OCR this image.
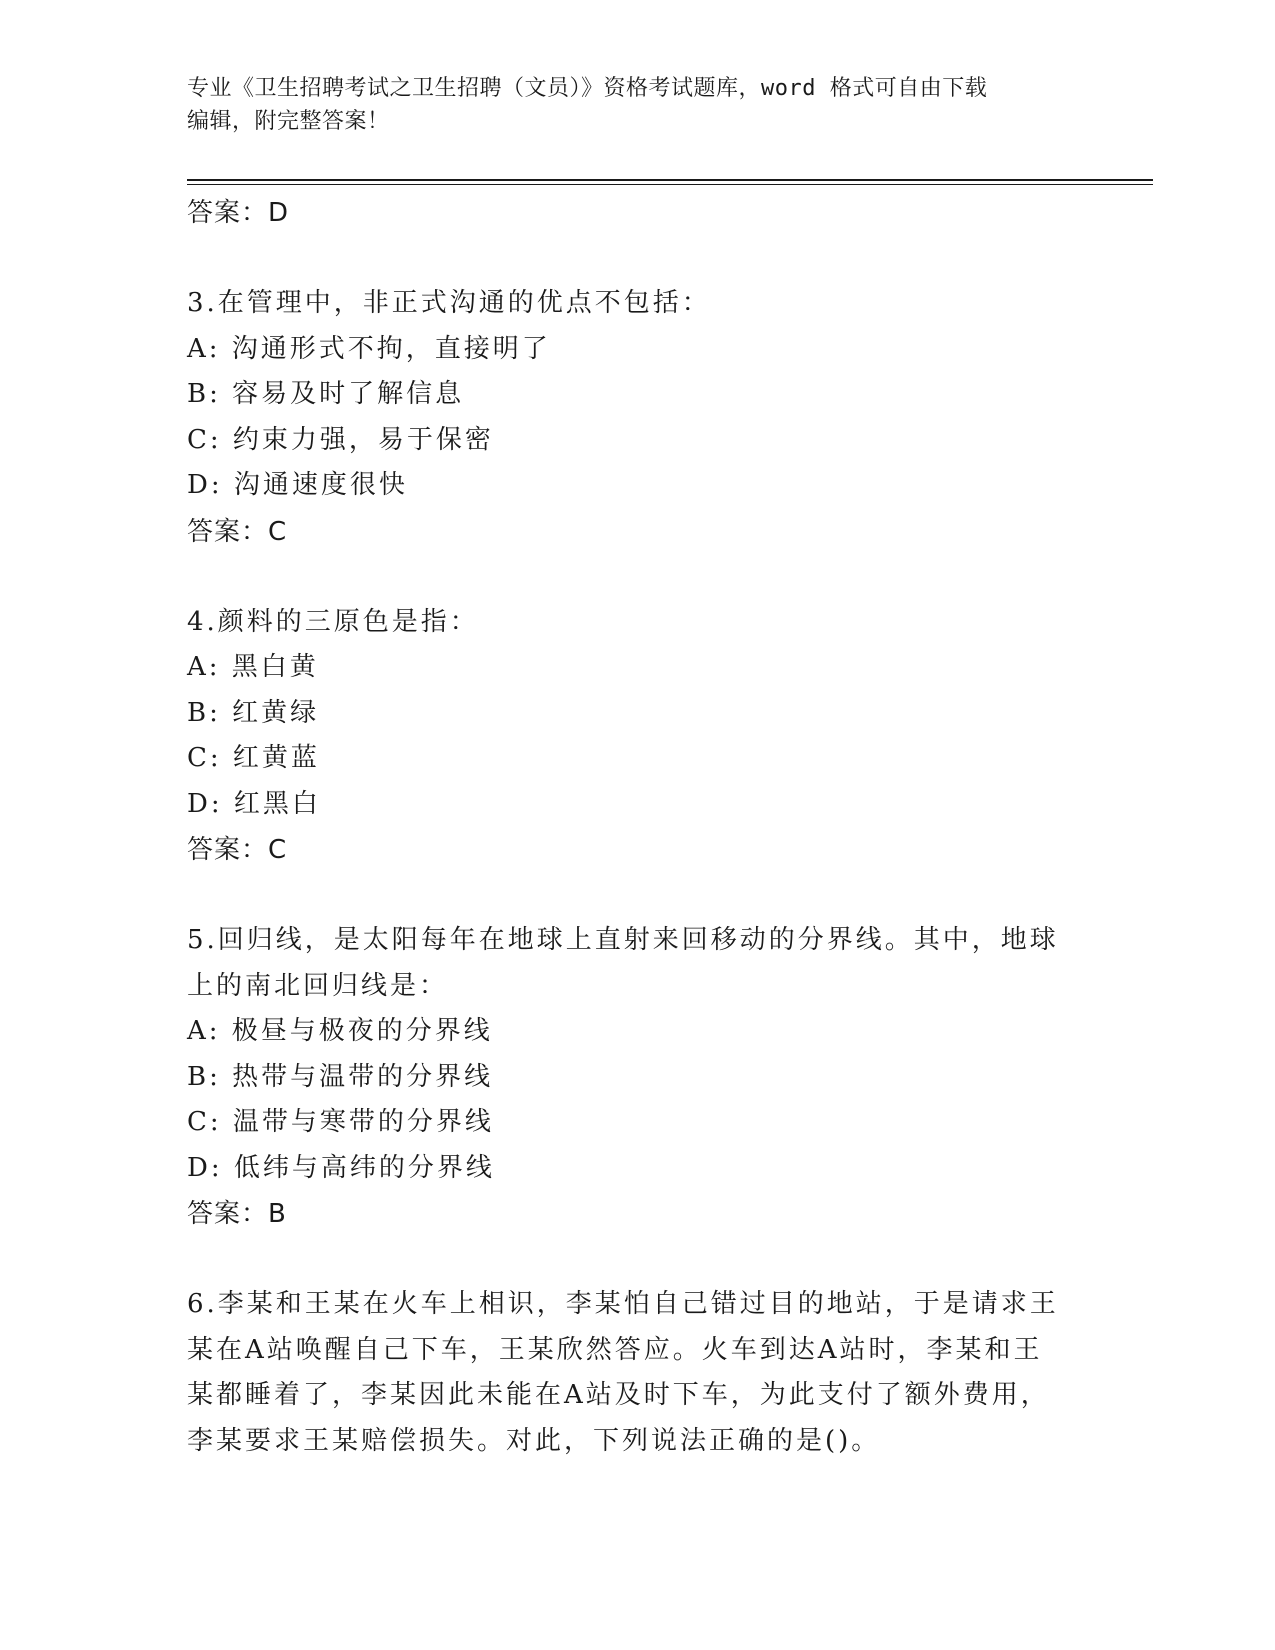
专业《卫生招聘考试之卫生招聘（文员）》资格考试题库，word 格式可自由下载
编辑，附完整答案！
答案：D
3.在管理中，非正式沟通的优点不包括：
A: 沟通形式不拘，直接明了
B: 容易及时了解信息
C: 约束力强，易于保密
D: 沟通速度很快
答案：C
4.颜料的三原色是指：
A: 黑白黄
B: 红黄绿
C: 红黄蓝
D: 红黑白
答案：C
5.回归线，是太阳每年在地球上直射来回移动的分界线。其中，地球
上的南北回归线是：
A: 极昼与极夜的分界线
B: 热带与温带的分界线
C: 温带与寒带的分界线
D: 低纬与高纬的分界线
答案：B
6.李某和王某在火车上相识，李某怕自己错过目的地站，于是请求王
某在A站唤醒自己下车，王某欣然答应。火车到达A站时，李某和王
某都睡着了，李某因此未能在A站及时下车，为此支付了额外费用，
李某要求王某赔偿损失。对此，下列说法正确的是()。
